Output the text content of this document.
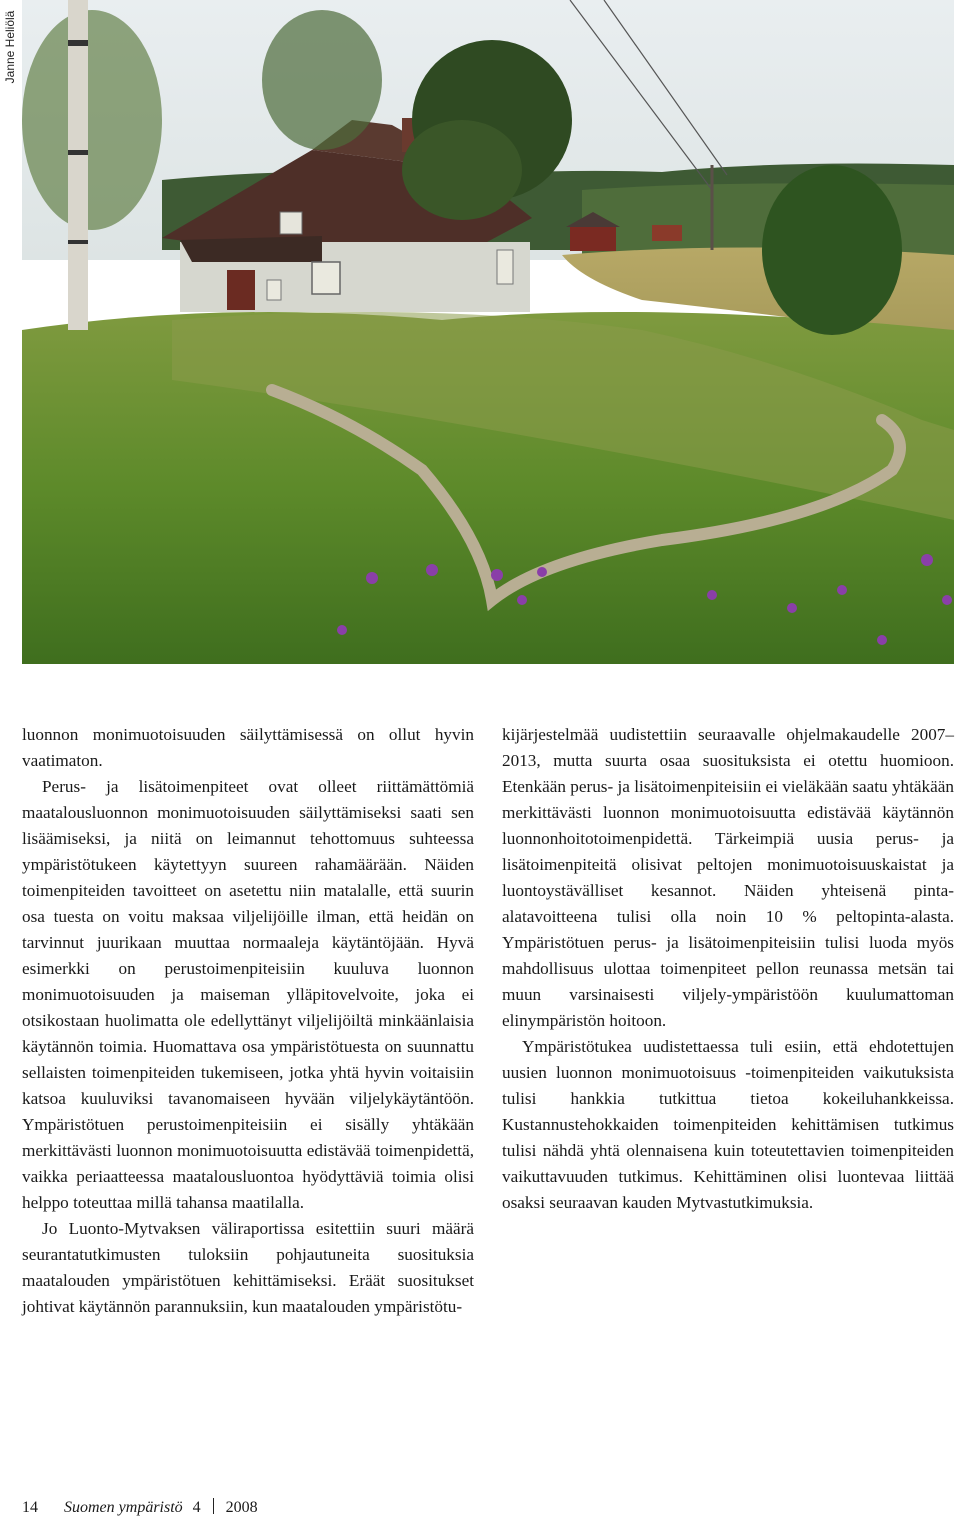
Janne Heliölä

luonnon monimuotoisuuden säilyttämisessä on ollut hyvin vaatimaton.

Perus- ja lisätoimenpiteet ovat olleet riittämättömiä maatalousluonnon monimuotoisuuden säilyttämiseksi saati sen lisäämiseksi, ja niitä on leimannut tehottomuus suhteessa ympäristötukeen käytettyyn suureen rahamäärään. Näiden toimenpiteiden tavoitteet on asetettu niin matalalle, että suurin osa tuesta on voitu maksaa viljelijöille ilman, että heidän on tarvinnut juurikaan muuttaa normaaleja käytäntöjään. Hyvä esimerkki on perustoimenpiteisiin kuuluva luonnon monimuotoisuuden ja maiseman ylläpitovelvoite, joka ei otsikostaan huolimatta ole edellyttänyt viljelijöiltä minkäänlaisia käytännön toimia. Huomattava osa ympäristötuesta on suunnattu sellaisten toimenpiteiden tukemiseen, jotka yhtä hyvin voitaisiin katsoa kuuluviksi tavanomaiseen hyvään viljelykäytäntöön. Ympäristötuen perustoimenpiteisiin ei sisälly yhtäkään merkittävästi luonnon monimuotoisuutta edistävää toimenpidettä, vaikka periaatteessa maatalousluontoa hyödyttäviä toimia olisi helppo toteuttaa millä tahansa maatilalla.

Jo Luonto-Mytvaksen väliraportissa esitettiin suuri määrä seurantatutkimusten tuloksiin pohjautuneita suosituksia maatalouden ympäristötuen kehittämiseksi. Eräät suositukset johtivat käytännön parannuksiin, kun maatalouden ympäristötu-

kijärjestelmää uudistettiin seuraavalle ohjelmakaudelle 2007–2013, mutta suurta osaa suosituksista ei otettu huomioon. Etenkään perus- ja lisätoimenpiteisiin ei vieläkään saatu yhtäkään merkittävästi luonnon monimuotoisuutta edistävää käytännön luonnonhoitotoimenpidettä. Tärkeimpiä uusia perus- ja lisätoimenpiteitä olisivat peltojen monimuotoisuuskaistat ja luontoystävälliset kesannot. Näiden yhteisenä pinta-alatavoitteena tulisi olla noin 10 % peltopinta-alasta. Ympäristötuen perus- ja lisätoimenpiteisiin tulisi luoda myös mahdollisuus ulottaa toimenpiteet pellon reunassa metsän tai muun varsinaisesti viljely-ympäristöön kuulumattoman elinympäristön hoitoon.

Ympäristötukea uudistettaessa tuli esiin, että ehdotettujen uusien luonnon monimuotoisuus -toimenpiteiden vaikutuksista tulisi hankkia tutkittua tietoa kokeiluhankkeissa. Kustannustehokkaiden toimenpiteiden kehittämisen tutkimus tulisi nähdä yhtä olennaisena kuin toteutettavien toimenpiteiden vaikuttavuuden tutkimus. Kehittäminen olisi luontevaa liittää osaksi seuraavan kauden Mytvastutkimuksia.

14 Suomen ympäristö 4 2008
